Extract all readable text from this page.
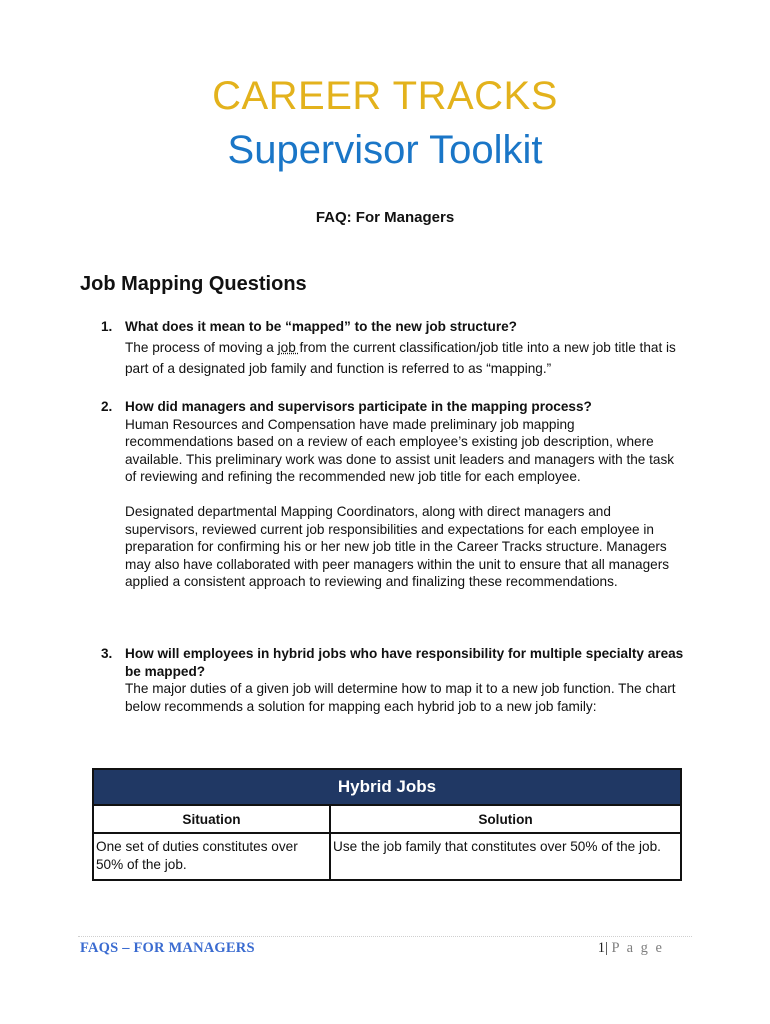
CAREER TRACKS
Supervisor Toolkit
FAQ: For Managers
Job Mapping Questions
1. What does it mean to be “mapped” to the new job structure?

The process of moving a job from the current classification/job title into a new job title that is part of a designated job family and function is referred to as “mapping.”

2. How did managers and supervisors participate in the mapping process?

Human Resources and Compensation have made preliminary job mapping recommendations based on a review of each employee’s existing job description, where available. This preliminary work was done to assist unit leaders and managers with the task of reviewing and refining the recommended new job title for each employee.

Designated departmental Mapping Coordinators, along with direct managers and supervisors, reviewed current job responsibilities and expectations for each employee in preparation for confirming his or her new job title in the Career Tracks structure. Managers may also have collaborated with peer managers within the unit to ensure that all managers applied a consistent approach to reviewing and finalizing these recommendations.

3. How will employees in hybrid jobs who have responsibility for multiple specialty areas be mapped?

The major duties of a given job will determine how to map it to a new job function. The chart below recommends a solution for mapping each hybrid job to a new job family:

Hybrid Jobs	
Situation	Solution
One set of duties constitutes over 50% of the job.	Use the job family that constitutes over 50% of the job.
FAQS – FOR MANAGERS	1| P a g e
